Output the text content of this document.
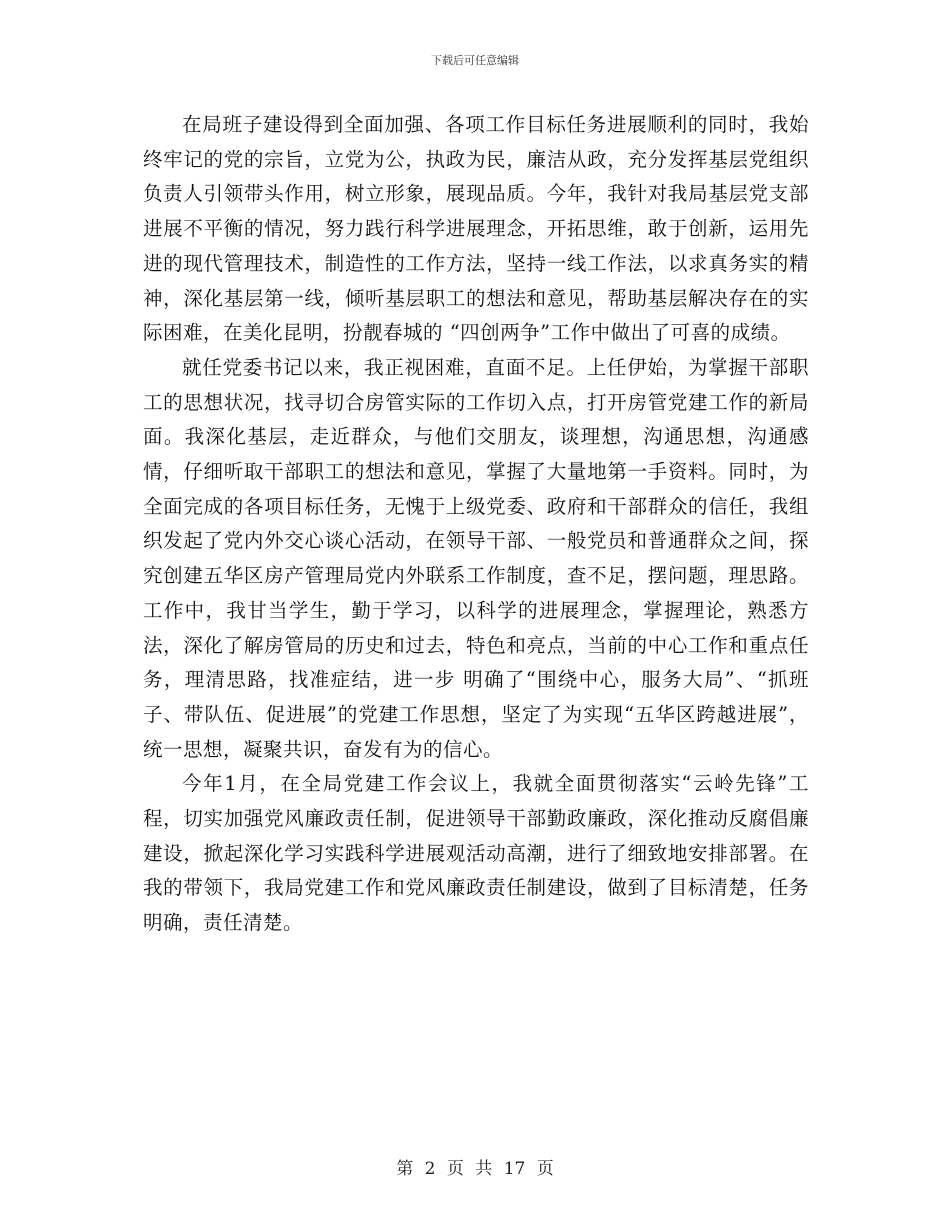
下载后可任意编辑

在局班子建设得到全面加强、各项工作目标任务进展顺利的同时，我始终牢记的党的宗旨，立党为公，执政为民，廉洁从政，充分发挥基层党组织负责人引领带头作用，树立形象，展现品质。今年，我针对我局基层党支部进展不平衡的情况，努力践行科学进展理念，开拓思维，敢于创新，运用先进的现代管理技术，制造性的工作方法，坚持一线工作法，以求真务实的精神，深化基层第一线，倾听基层职工的想法和意见，帮助基层解决存在的实际困难，在美化昆明，扮靓春城的 “四创两争”工作中做出了可喜的成绩。

就任党委书记以来，我正视困难，直面不足。上任伊始，为掌握干部职工的思想状况，找寻切合房管实际的工作切入点，打开房管党建工作的新局面。我深化基层，走近群众，与他们交朋友，谈理想，沟通思想，沟通感情，仔细听取干部职工的想法和意见，掌握了大量地第一手资料。同时，为全面完成的各项目标任务，无愧于上级党委、政府和干部群众的信任，我组织发起了党内外交心谈心活动，在领导干部、一般党员和普通群众之间，探究创建五华区房产管理局党内外联系工作制度，查不足，摆问题，理思路。工作中，我甘当学生，勤于学习，以科学的进展理念，掌握理论，熟悉方法，深化了解房管局的历史和过去，特色和亮点，当前的中心工作和重点任务，理清思路，找准症结，进一步 明确了“围绕中心，服务大局”、“抓班子、带队伍、促进展”的党建工作思想，坚定了为实现“五华区跨越进展”，统一思想，凝聚共识，奋发有为的信心。

今年1月，在全局党建工作会议上，我就全面贯彻落实“云岭先锋”工程，切实加强党风廉政责任制，促进领导干部勤政廉政，深化推动反腐倡廉建设，掀起深化学习实践科学进展观活动高潮，进行了细致地安排部署。在我的带领下，我局党建工作和党风廉政责任制建设，做到了目标清楚，任务明确，责任清楚。

第 2 页 共 17 页
